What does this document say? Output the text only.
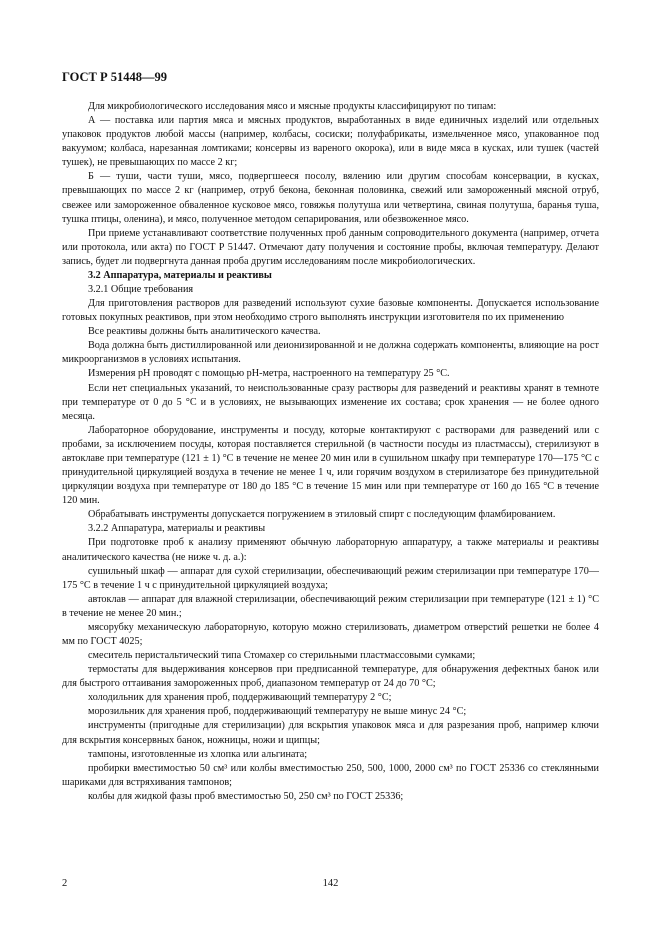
ГОСТ Р 51448—99

Для микробиологического исследования мясо и мясные продукты классифицируют по типам:

А — поставка или партия мяса и мясных продуктов, выработанных в виде единичных изделий или отдельных упаковок продуктов любой массы (например, колбасы, сосиски; полуфабрикаты, измельченное мясо, упакованное под вакуумом; колбаса, нарезанная ломтиками; консервы из вареного окорока), или в виде мяса в кусках, или тушек (частей тушек), не превышающих по массе 2 кг;

Б — туши, части туши, мясо, подвергшееся посолу, вялению или другим способам консервации, в кусках, превышающих по массе 2 кг (например, отруб бекона, беконная половинка, свежий или замороженный мясной отруб, свежее или замороженное обваленное кусковое мясо, говяжья полутуша или четвертина, свиная полутуша, баранья туша, тушка птицы, оленина), и мясо, полученное методом сепарирования, или обезвоженное мясо.

При приеме устанавливают соответствие полученных проб данным сопроводительного документа (например, отчета или протокола, или акта) по ГОСТ Р 51447. Отмечают дату получения и состояние пробы, включая температуру. Делают запись, будет ли подвергнута данная проба другим исследованиям после микробиологических.

3.2 Аппаратура, материалы и реактивы

3.2.1 Общие требования

Для приготовления растворов для разведений используют сухие базовые компоненты. Допускается использование готовых покупных реактивов, при этом необходимо строго выполнять инструкции изготовителя по их применению

Все реактивы должны быть аналитического качества.

Вода должна быть дистиллированной или деионизированной и не должна содержать компоненты, влияющие на рост микроорганизмов в условиях испытания.

Измерения pH проводят с помощью pH-метра, настроенного на температуру 25 °С.

Если нет специальных указаний, то неиспользованные сразу растворы для разведений и реактивы хранят в темноте при температуре от 0 до 5 °С и в условиях, не вызывающих изменение их состава; срок хранения — не более одного месяца.

Лабораторное оборудование, инструменты и посуду, которые контактируют с растворами для разведений или с пробами, за исключением посуды, которая поставляется стерильной (в частности посуды из пластмассы), стерилизуют в автоклаве при температуре (121 ± 1) °С в течение не менее 20 мин или в сушильном шкафу при температуре 170—175 °С с принудительной циркуляцией воздуха в течение не менее 1 ч, или горячим воздухом в стерилизаторе без принудительной циркуляции воздуха при температуре от 180 до 185 °С в течение 15 мин или при температуре от 160 до 165 °С в течение 120 мин.

Обрабатывать инструменты допускается погружением в этиловый спирт с последующим фламбированием.

3.2.2 Аппаратура, материалы и реактивы

При подготовке проб к анализу применяют обычную лабораторную аппаратуру, а также материалы и реактивы аналитического качества (не ниже ч. д. а.):

сушильный шкаф — аппарат для сухой стерилизации, обеспечивающий режим стерилизации при температуре 170—175 °С в течение 1 ч с принудительной циркуляцией воздуха;

автоклав — аппарат для влажной стерилизации, обеспечивающий режим стерилизации при температуре (121 ± 1) °С в течение не менее 20 мин.;

мясорубку механическую лабораторную, которую можно стерилизовать, диаметром отверстий решетки не более 4 мм по ГОСТ 4025;

смеситель перистальтический типа Стомахер со стерильными пластмассовыми сумками;

термостаты для выдерживания консервов при предписанной температуре, для обнаружения дефектных банок или для быстрого оттаивания замороженных проб, диапазоном температур от 24 до 70 °С;

холодильник для хранения проб, поддерживающий температуру 2 °С;

морозильник для хранения проб, поддерживающий температуру не выше минус 24 °С;

инструменты (пригодные для стерилизации) для вскрытия упаковок мяса и для разрезания проб, например ключи для вскрытия консервных банок, ножницы, ножи и щипцы;

тампоны, изготовленные из хлопка или альгината;

пробирки вместимостью 50 см³ или колбы вместимостью 250, 500, 1000, 2000 см³ по ГОСТ 25336 со стеклянными шариками для встряхивания тампонов;

колбы для жидкой фазы проб вместимостью 50, 250 см³ по ГОСТ 25336;

2	142
